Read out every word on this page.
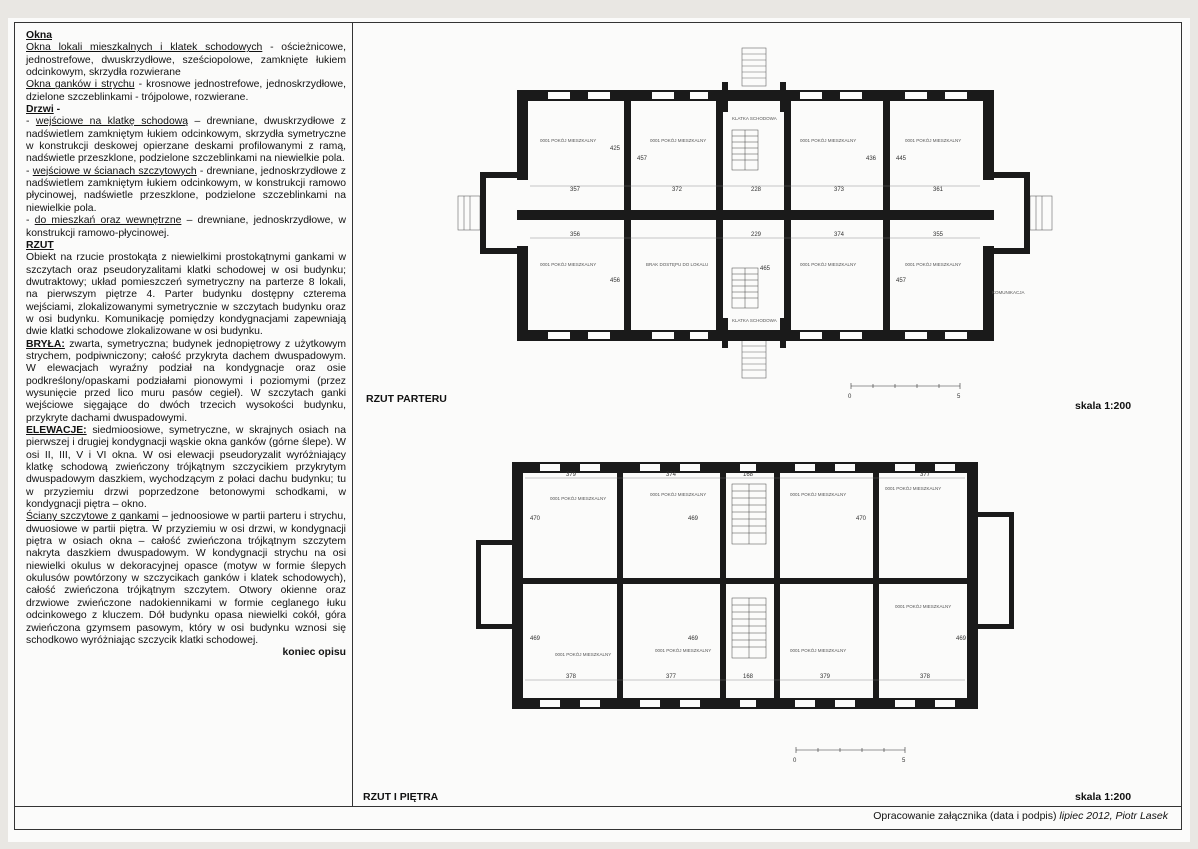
Okna

Okna lokali mieszkalnych i klatek schodowych - ościeżnicowe, jednostrefowe, dwuskrzydłowe, sześciopolowe, zamknięte łukiem odcinkowym, skrzydła rozwierane

Okna ganków i strychu - krosnowe jednostrefowe, jednoskrzydłowe, dzielone szczeblinkami - trójpolowe, rozwierane.

Drzwi -

- wejściowe na klatkę schodową – drewniane, dwuskrzydłowe z nadświetlem zamkniętym łukiem odcinkowym, skrzydła symetryczne w konstrukcji deskowej opierzane deskami profilowanymi z ramą, nadświetle przeszklone, podzielone szczeblinkami na niewielkie pola.

- wejściowe w ścianach szczytowych - drewniane, jednoskrzydłowe z nadświetlem zamkniętym łukiem odcinkowym, w konstrukcji ramowo płycinowej, nadświetle przeszklone, podzielone szczeblinkami na niewielkie pola.

- do mieszkań oraz wewnętrzne – drewniane, jednoskrzydłowe, w konstrukcji ramowo-płycinowej.

RZUT

Obiekt na rzucie prostokąta z niewielkimi prostokątnymi gankami w szczytach oraz pseudoryzalitami klatki schodowej w osi budynku; dwutraktowy; układ pomieszczeń symetryczny na parterze 8 lokali, na pierwszym piętrze 4. Parter budynku dostępny czterema wejściami, zlokalizowanymi symetrycznie w szczytach budynku oraz w osi budynku. Komunikację pomiędzy kondygnacjami zapewniają dwie klatki schodowe zlokalizowane w osi budynku.

BRYŁA: zwarta, symetryczna; budynek jednopiętrowy z użytkowym strychem, podpiwniczony; całość przykryta dachem dwuspadowym. W elewacjach wyraźny podział na kondygnacje oraz osie podkreślony/opaskami podziałami pionowymi i poziomymi (przez wysunięcie przed lico muru pasów cegieł). W szczytach ganki wejściowe sięgające do dwóch trzecich wysokości budynku, przykryte dachami dwuspadowymi.

ELEWACJE: siedmioosiowe, symetryczne, w skrajnych osiach na pierwszej i drugiej kondygnacji wąskie okna ganków (górne ślepe). W osi II, III, V i VI okna. W osi elewacji pseudoryzalit wyróżniający klatkę schodową zwieńczony trójkątnym szczycikiem przykrytym dwuspadowym daszkiem, wychodzącym z połaci dachu budynku; tu w przyziemiu drzwi poprzedzone betonowymi schodkami, w kondygnacji piętra – okno.

Ściany szczytowe z gankami – jednoosiowe w partii parteru i strychu, dwuosiowe w partii piętra. W przyziemiu w osi drzwi, w kondygnacji piętra w osiach okna – całość zwieńczona trójkątnym szczytem nakryta daszkiem dwuspadowym. W kondygnacji strychu na osi niewielki okulus w dekoracyjnej opasce (motyw w formie ślepych okulusów powtórzony w szczycikach ganków i klatek schodowych), całość zwieńczona trójkątnym szczytem. Otwory okienne oraz drzwiowe zwieńczone nadokiennikami w formie ceglanego łuku odcinkowego z kluczem. Dół budynku opasa niewielki cokół, góra zwieńczona gzymsem pasowym, który w osi budynku wznosi się schodkowo wyróżniając szczycik klatki schodowej.

koniec opisu

357	372	228	373	361
356	229	374	355
425
457	436	445
456
465
457
0001 POKÓJ MIESZKALNY	0001 POKÓJ MIESZKALNY
KLATKA SCHODOWA
0001 POKÓJ MIESZKALNY	0001 POKÓJ MIESZKALNY
0001 POKÓJ MIESZKALNY	0001 POKÓJ MIESZKALNY	0001 POKÓJ MIESZKALNY
KLATKA SCHODOWA
KOMUNIKACJA
BRAK DOSTĘPU DO LOKALU
0	5
379	374	168	377
378	377	168	379	378
470	469	470
469	469	469
0001 POKÓJ MIESZKALNY
0001 POKÓJ MIESZKALNY	0001 POKÓJ MIESZKALNY
0001 POKÓJ MIESZKALNY
0001 POKÓJ MIESZKALNY
0001 POKÓJ MIESZKALNY	0001 POKÓJ MIESZKALNY
0001 POKÓJ MIESZKALNY
0	5
RZUT PARTERU
skala 1:200
RZUT I PIĘTRA	skala 1:200
Opracowanie załącznika (data i podpis) lipiec 2012, Piotr Lasek
